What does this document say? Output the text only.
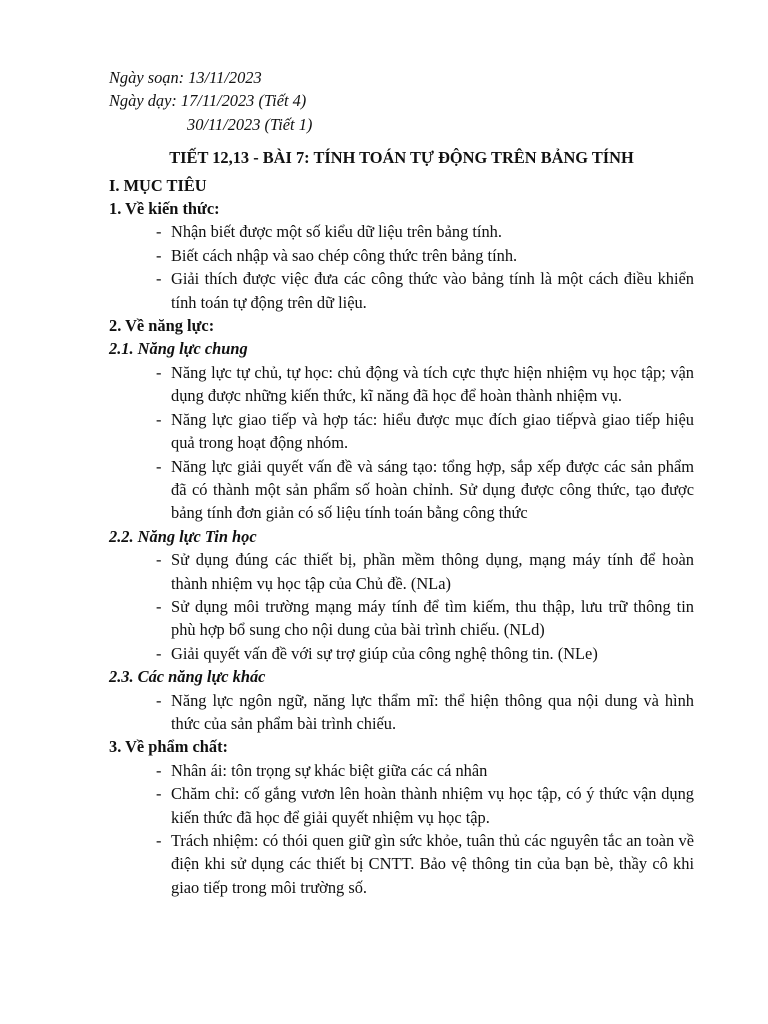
Ngày soạn: 13/11/2023
Ngày dạy: 17/11/2023 (Tiết 4)
30/11/2023 (Tiết 1)
TIẾT 12,13 - BÀI 7: TÍNH TOÁN TỰ ĐỘNG TRÊN BẢNG TÍNH
I. MỤC TIÊU
1. Về kiến thức:
- Nhận biết được một số kiểu dữ liệu trên bảng tính.
- Biết cách nhập và sao chép công thức trên bảng tính.
- Giải thích được việc đưa các công thức vào bảng tính là một cách điều khiển tính toán tự động trên dữ liệu.
2. Về năng lực:
2.1. Năng lực chung
- Năng lực tự chủ, tự học: chủ động và tích cực thực hiện nhiệm vụ học tập; vận dụng được những kiến thức, kĩ năng đã học để hoàn thành nhiệm vụ.
- Năng lực giao tiếp và hợp tác: hiểu được mục đích giao tiếpvà giao tiếp hiệu quả trong hoạt động nhóm.
- Năng lực giải quyết vấn đề và sáng tạo: tổng hợp, sắp xếp được các sản phẩm đã có thành một sản phẩm số hoàn chỉnh. Sử dụng được công thức, tạo được bảng tính đơn giản có số liệu tính toán bằng công thức
2.2. Năng lực Tin học
- Sử dụng đúng các thiết bị, phần mềm thông dụng, mạng máy tính để hoàn thành nhiệm vụ học tập của Chủ đề. (NLa)
- Sử dụng môi trường mạng máy tính để tìm kiếm, thu thập, lưu trữ thông tin phù hợp bổ sung cho nội dung của bài trình chiếu. (NLd)
- Giải quyết vấn đề với sự trợ giúp của công nghệ thông tin. (NLe)
2.3. Các năng lực khác
- Năng lực ngôn ngữ, năng lực thẩm mĩ: thể hiện thông qua nội dung và hình thức của sản phẩm bài trình chiếu.
3. Về phẩm chất:
- Nhân ái: tôn trọng sự khác biệt giữa các cá nhân
- Chăm chỉ: cố gắng vươn lên hoàn thành nhiệm vụ học tập, có ý thức vận dụng kiến thức đã học để giải quyết nhiệm vụ học tập.
- Trách nhiệm: có thói quen giữ gìn sức khỏe, tuân thủ các nguyên tắc an toàn về điện khi sử dụng các thiết bị CNTT. Bảo vệ thông tin của bạn bè, thầy cô khi giao tiếp trong môi trường số.
